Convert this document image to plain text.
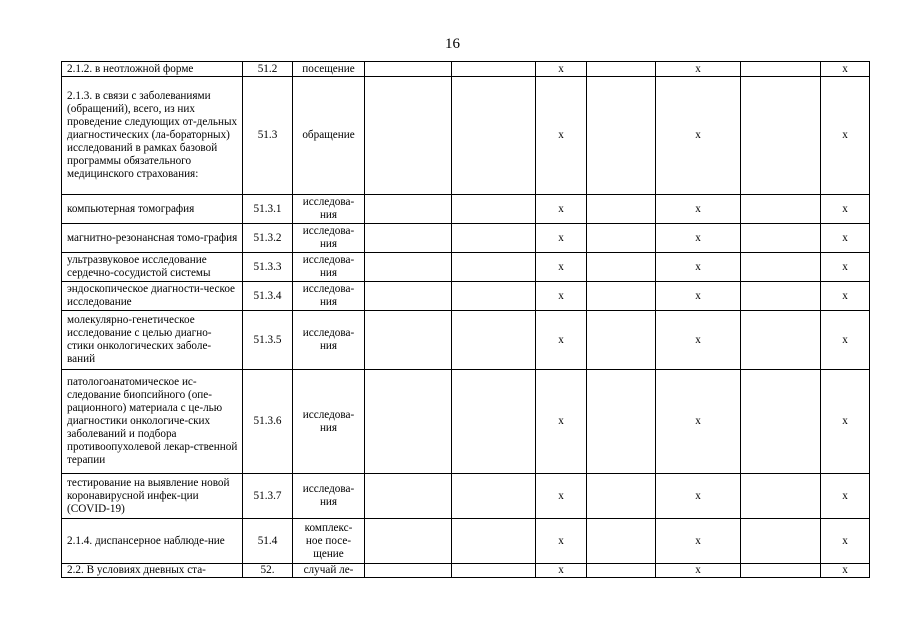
16
2.1.2. в неотложной форме	51.2	посещение			x		x		x
2.1.3. в связи с заболеваниями (обращений), всего, из них проведение следующих от-дельных диагностических (ла-бораторных) исследований в рамках базовой программы обязательного медицинского страхования:	51.3	обращение			x		x		x
компьютерная томография	51.3.1	исследова-ния			x		x		x
магнитно-резонансная томо-графия	51.3.2	исследова-ния			x		x		x
ультразвуковое исследование сердечно-сосудистой системы	51.3.3	исследова-ния			x		x		x
эндоскопическое диагности-ческое исследование	51.3.4	исследова-ния			x		x		x
молекулярно-генетическое исследование с целью диагно-стики онкологических заболе-ваний	51.3.5	исследова-ния			x		x		x
патологоанатомическое ис-следование биопсийного (опе-рационного) материала с це-лью диагностики онкологиче-ских заболеваний и подбора противоопухолевой лекар-ственной терапии	51.3.6	исследова-ния			x		x		x
тестирование на выявление новой коронавирусной инфек-ции (COVID-19)	51.3.7	исследова-ния			x		x		x
2.1.4. диспансерное наблюде-ние	51.4	комплекс-ное посе-щение			x		x		x
2.2. В условиях дневных ста-	52.	случай ле-			x		x		x
